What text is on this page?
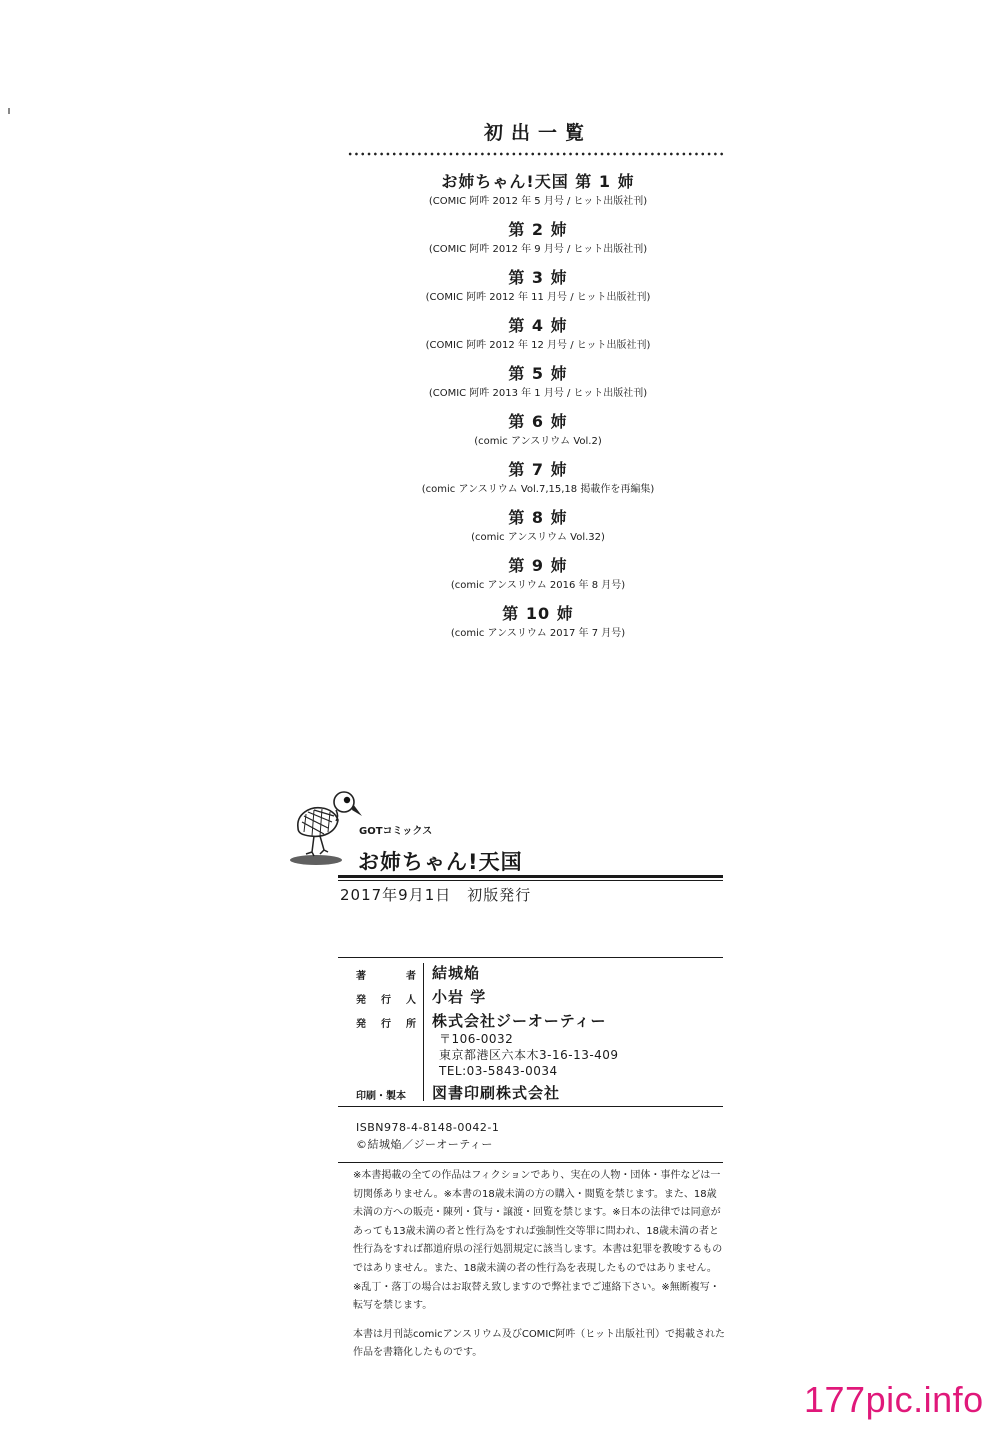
初出一覧
お姉ちゃん!天国 第 1 姉
(COMIC 阿吽 2012 年 5 月号 / ヒット出版社刊)
第 2 姉
(COMIC 阿吽 2012 年 9 月号 / ヒット出版社刊)
第 3 姉
(COMIC 阿吽 2012 年 11 月号 / ヒット出版社刊)
第 4 姉
(COMIC 阿吽 2012 年 12 月号 / ヒット出版社刊)
第 5 姉
(COMIC 阿吽 2013 年 1 月号 / ヒット出版社刊)
第 6 姉
(comic アンスリウム Vol.2)
第 7 姉
(comic アンスリウム Vol.7,15,18 掲載作を再編集)
第 8 姉
(comic アンスリウム Vol.32)
第 9 姉
(comic アンスリウム 2016 年 8 月号)
第 10 姉
(comic アンスリウム 2017 年 7 月号)
GOTコミックス
お姉ちゃん!天国
2017年9月1日　初版発行
著者 結城焔
発行人 小岩 学
発行所 株式会社ジーオーティー
〒106-0032
東京都港区六本木3-16-13-409
TEL:03-5843-0034
印刷・製本	図書印刷株式会社
ISBN978-4-8148-0042-1
©結城焔／ジーオーティー

※本書掲載の全ての作品はフィクションであり、実在の人物・団体・事件などは一切関係ありません。※本書の18歳未満の方の購入・閲覧を禁じます。また、18歳未満の方への販売・陳列・貸与・譲渡・回覧を禁じます。※日本の法律では同意があっても13歳未満の者と性行為をすれば強制性交等罪に問われ、18歳未満の者と性行為をすれば都道府県の淫行処罰規定に該当します。本書は犯罪を教唆するものではありません。また、18歳未満の者の性行為を表現したものではありません。※乱丁・落丁の場合はお取替え致しますので弊社までご連絡下さい。※無断複写・転写を禁じます。

本書は月刊誌comicアンスリウム及びCOMIC阿吽（ヒット出版社刊）で掲載された作品を書籍化したものです。

177pic.info
